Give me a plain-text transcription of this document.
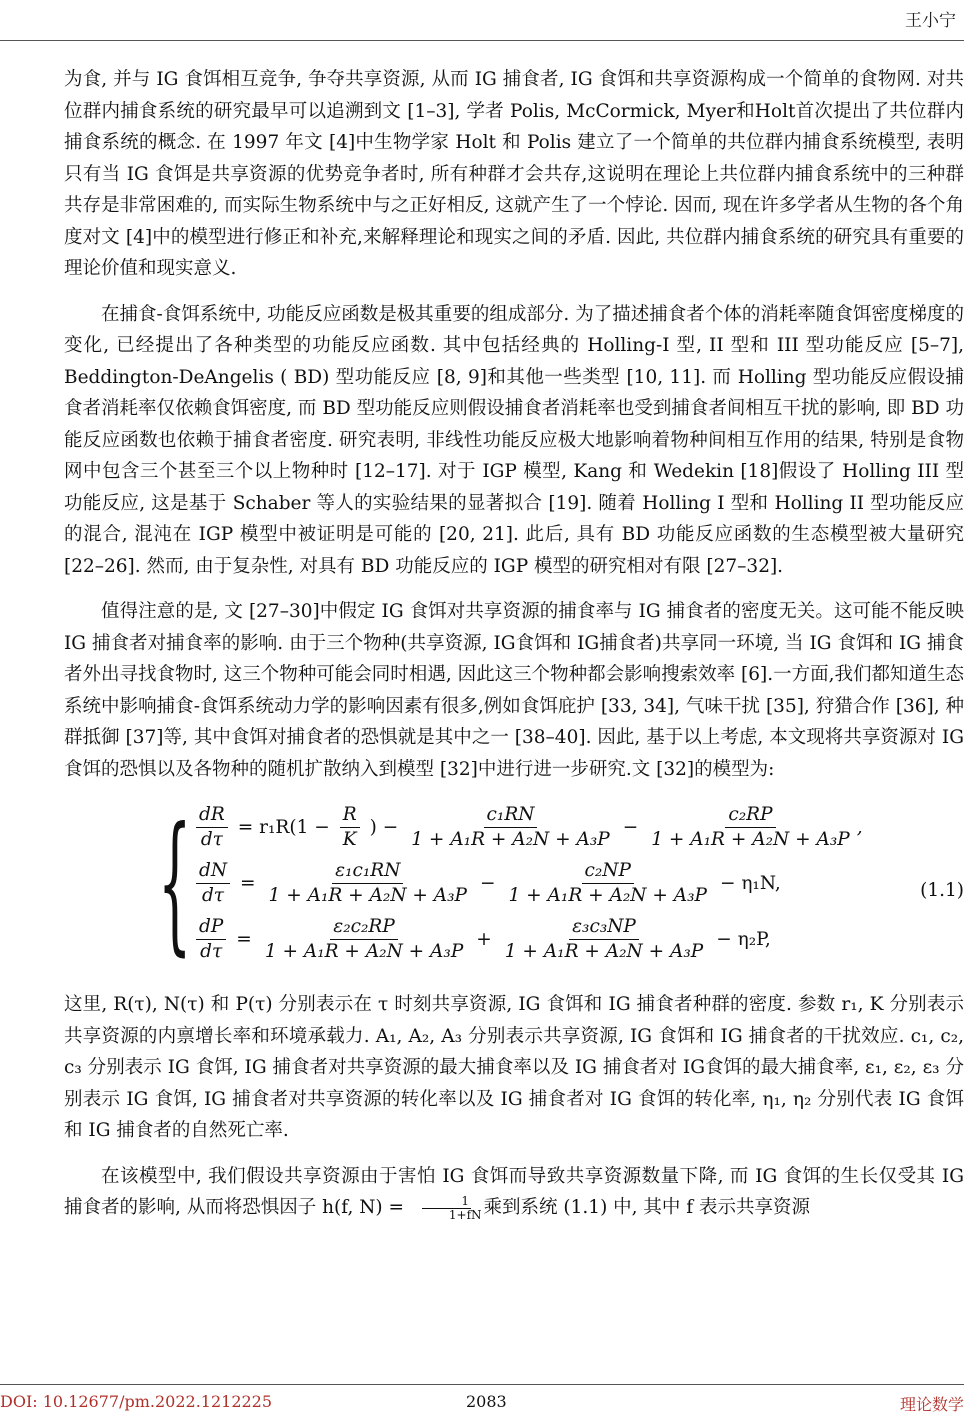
王小宁

为食, 并与 IG 食饵相互竞争, 争夺共享资源, 从而 IG 捕食者, IG 食饵和共享资源构成一个简单的食物网. 对共位群内捕食系统的研究最早可以追溯到文 [1–3], 学者 Polis, McCormick, Myer和Holt首次提出了共位群内捕食系统的概念. 在 1997 年文 [4]中生物学家 Holt 和 Polis 建立了一个简单的共位群内捕食系统模型, 表明只有当 IG 食饵是共享资源的优势竞争者时, 所有种群才会共存,这说明在理论上共位群内捕食系统中的三种群共存是非常困难的, 而实际生物系统中与之正好相反, 这就产生了一个悖论. 因而, 现在许多学者从生物的各个角度对文 [4]中的模型进行修正和补充,来解释理论和现实之间的矛盾. 因此, 共位群内捕食系统的研究具有重要的理论价值和现实意义.

在捕食-食饵系统中, 功能反应函数是极其重要的组成部分. 为了描述捕食者个体的消耗率随食饵密度梯度的变化, 已经提出了各种类型的功能反应函数. 其中包括经典的 Holling-I 型, II 型和 III 型功能反应 [5–7], Beddington-DeAngelis ( BD) 型功能反应 [8, 9]和其他一些类型 [10, 11]. 而 Holling 型功能反应假设捕食者消耗率仅依赖食饵密度, 而 BD 型功能反应则假设捕食者消耗率也受到捕食者间相互干扰的影响, 即 BD 功能反应函数也依赖于捕食者密度. 研究表明, 非线性功能反应极大地影响着物种间相互作用的结果, 特别是食物网中包含三个甚至三个以上物种时 [12–17]. 对于 IGP 模型, Kang 和 Wedekin [18]假设了 Holling III 型功能反应, 这是基于 Schaber 等人的实验结果的显著拟合 [19]. 随着 Holling I 型和 Holling II 型功能反应的混合, 混沌在 IGP 模型中被证明是可能的 [20, 21]. 此后, 具有 BD 功能反应函数的生态模型被大量研究 [22–26]. 然而, 由于复杂性, 对具有 BD 功能反应的 IGP 模型的研究相对有限 [27–32].

值得注意的是, 文 [27–30]中假定 IG 食饵对共享资源的捕食率与 IG 捕食者的密度无关。这可能不能反映 IG 捕食者对捕食率的影响. 由于三个物种(共享资源, IG食饵和 IG捕食者)共享同一环境, 当 IG 食饵和 IG 捕食者外出寻找食物时, 这三个物种可能会同时相遇, 因此这三个物种都会影响搜索效率 [6].一方面,我们都知道生态系统中影响捕食-食饵系统动力学的影响因素有很多,例如食饵庇护 [33, 34], 气味干扰 [35], 狩猎合作 [36], 种群抵御 [37]等, 其中食饵对捕食者的恐惧就是其中之一 [38–40]. 因此, 基于以上考虑, 本文现将共享资源对 IG 食饵的恐惧以及各物种的随机扩散纳入到模型 [32]中进行进一步研究.文 [32]的模型为:

{ $\frac{dR}{d\tau} = r_1R(1 - \frac{R}{K}$ ) − $\frac{\text{c₁RN}}{\text{1 + A₁R + A₂N + A₃P}} - \frac{\text{c₂RP}}{\text{1 + A₁R + A₂N + A₃P}}$ ,
$\frac{dN}{d\tau} = \frac{\text{ε₁c₁RN}}{\text{1 + A₁R + A₂N + A₃P}} - \frac{\text{c₂NP}}{\text{1 + A₁R + A₂N + A₃P}} - \eta_1N$,
$\frac{dP}{d\tau} = \frac{\text{ε₂c₂RP}}{\text{1 + A₁R + A₂N + A₃P}} + \frac{\text{ε₃c₃NP}}{\text{1 + A₁R + A₂N + A₃P}} - \eta_2P$,
(1.1)

这里, R(τ), N(τ) 和 P(τ) 分别表示在 τ 时刻共享资源, IG 食饵和 IG 捕食者种群的密度. 参数 r₁, K 分别表示共享资源的内禀增长率和环境承载力. A₁, A₂, A₃ 分别表示共享资源, IG 食饵和 IG 捕食者的干扰效应. c₁, c₂, c₃ 分别表示 IG 食饵, IG 捕食者对共享资源的最大捕食率以及 IG 捕食者对 IG食饵的最大捕食率, ε₁, ε₂, ε₃ 分别表示 IG 食饵, IG 捕食者对共享资源的转化率以及 IG 捕食者对 IG 食饵的转化率, η₁, η₂ 分别代表 IG 食饵和 IG 捕食者的自然死亡率.

在该模型中, 我们假设共享资源由于害怕 IG 食饵而导致共享资源数量下降, 而 IG 食饵的生长仅受其 IG 捕食者的影响, 从而将恐惧因子 h(f, $N) = \frac{1}{1+fN}$ 乘到系统 (1.1) 中, 其中 f 表示共享资源

DOI: 10.12677/pm.2022.1212225	2083	理论数学
